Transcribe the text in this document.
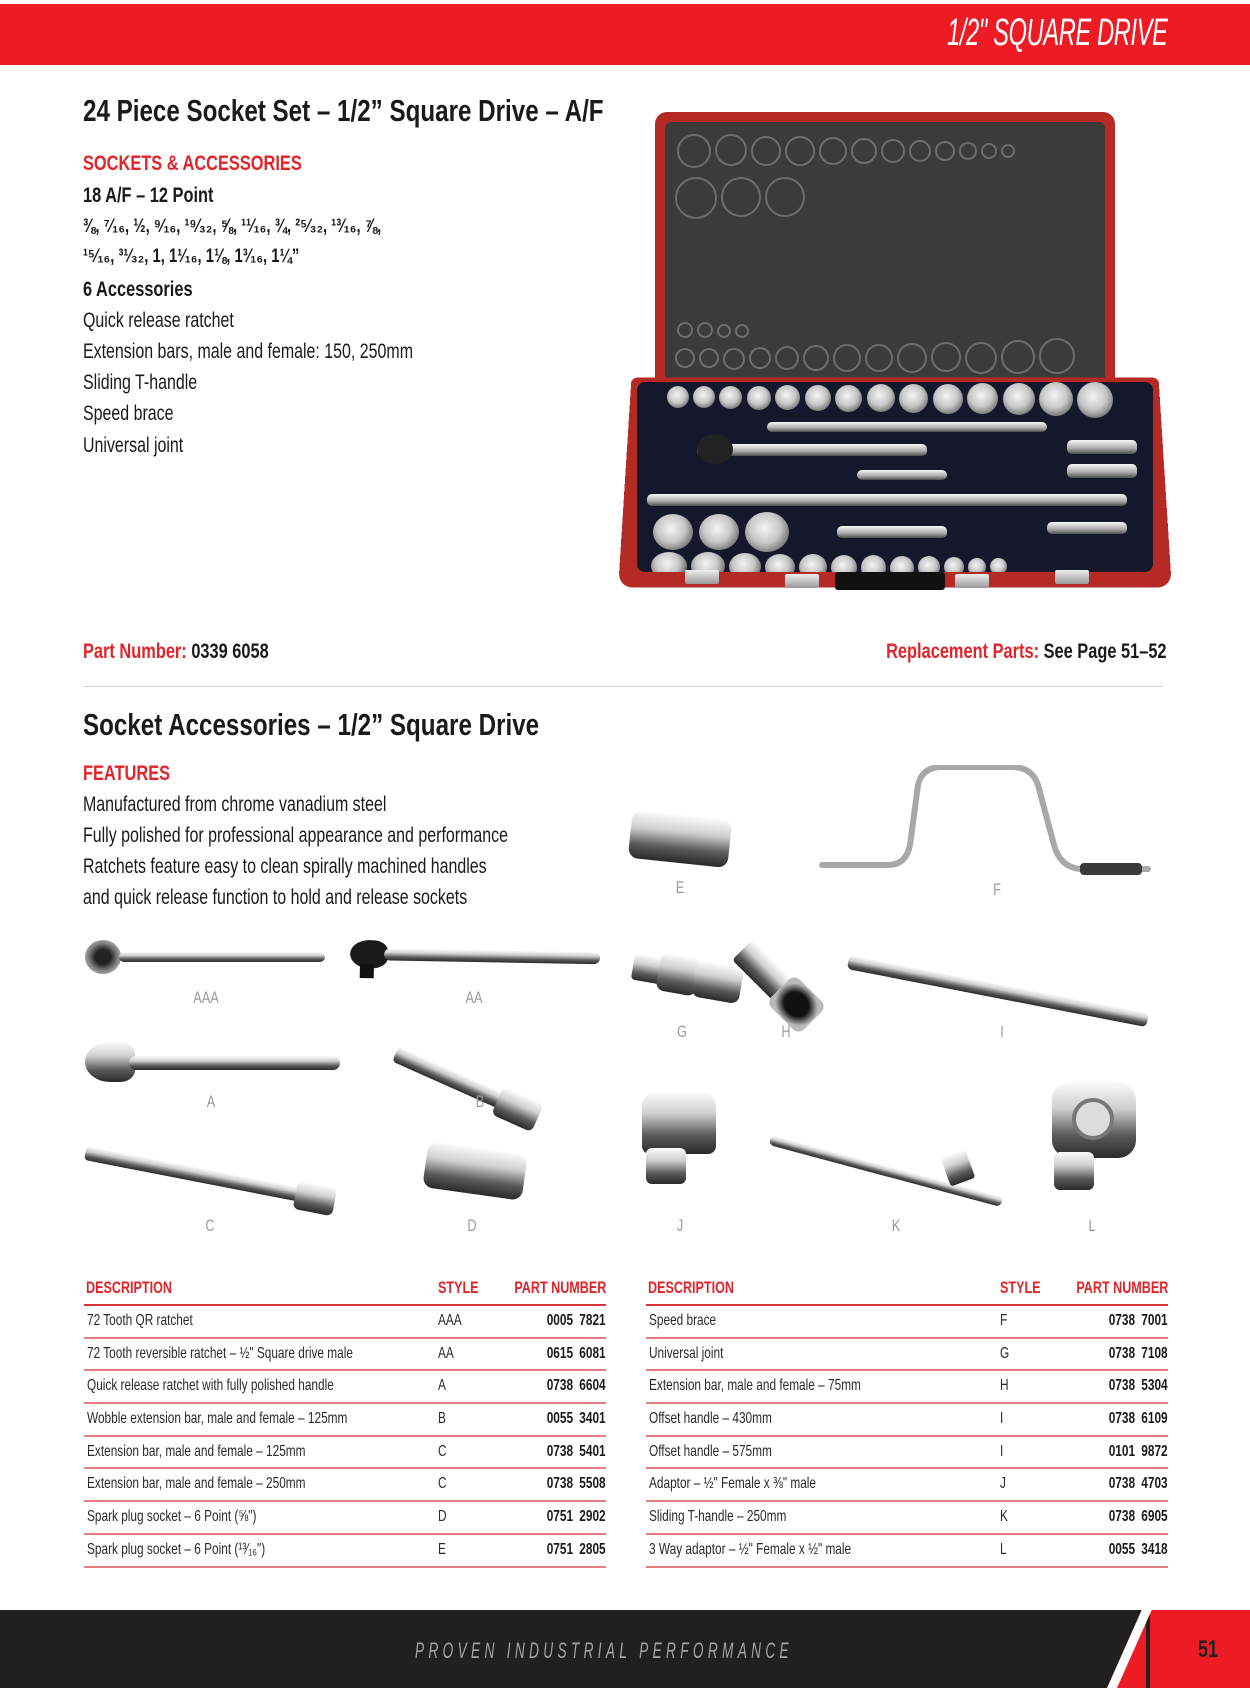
1/2" SQUARE DRIVE
24 Piece Socket Set – 1/2” Square Drive – A/F
SOCKETS & ACCESSORIES
18 A/F – 12 Point
⅜, ⁷⁄₁₆, ½, ⁹⁄₁₆, ¹⁹⁄₃₂, ⅝, ¹¹⁄₁₆, ¾, ²⁵⁄₃₂, ¹³⁄₁₆, ⅞,
¹⁵⁄₁₆, ³¹⁄₃₂, 1, 1¹⁄₁₆, 1⅛, 1³⁄₁₆, 1¼”
6 Accessories
Quick release ratchet
Extension bars, male and female: 150, 250mm
Sliding T-handle
Speed brace
Universal joint
Part Number: 0339 6058	Replacement Parts: See Page 51–52
Socket Accessories – 1/2” Square Drive
FEATURES
Manufactured from chrome vanadium steel
Fully polished for professional appearance and performance
Ratchets feature easy to clean spirally machined handles
and quick release function to hold and release sockets
AAA	AA
A	B
C	D
E	F
G	H	I
J	K	L
DESCRIPTION	STYLE PART NUMBER
72 Tooth QR ratchet	AAA	0005 7821
72 Tooth reversible ratchet – ½" Square drive male	AA	0615 6081
Quick release ratchet with fully polished handle	A	0738 6604
Wobble extension bar, male and female – 125mm	B	0055 3401
Extension bar, male and female – 125mm	C	0738 5401
Extension bar, male and female – 250mm	C	0738 5508
Spark plug socket – 6 Point (⅝")	D	0751 2902
Spark plug socket – 6 Point (¹³⁄₁₆")	E	0751 2805
DESCRIPTION	STYLE PART NUMBER
Speed brace	F	0738 7001
Universal joint	G	0738 7108
Extension bar, male and female – 75mm	H	0738 5304
Offset handle – 430mm	I	0738 6109
Offset handle – 575mm	I	0101 9872
Adaptor – ½" Female x ⅜" male	J	0738 4703
Sliding T-handle – 250mm	K	0738 6905
3 Way adaptor – ½" Female x ½" male	L	0055 3418
PROVEN INDUSTRIAL PERFORMANCE	51
